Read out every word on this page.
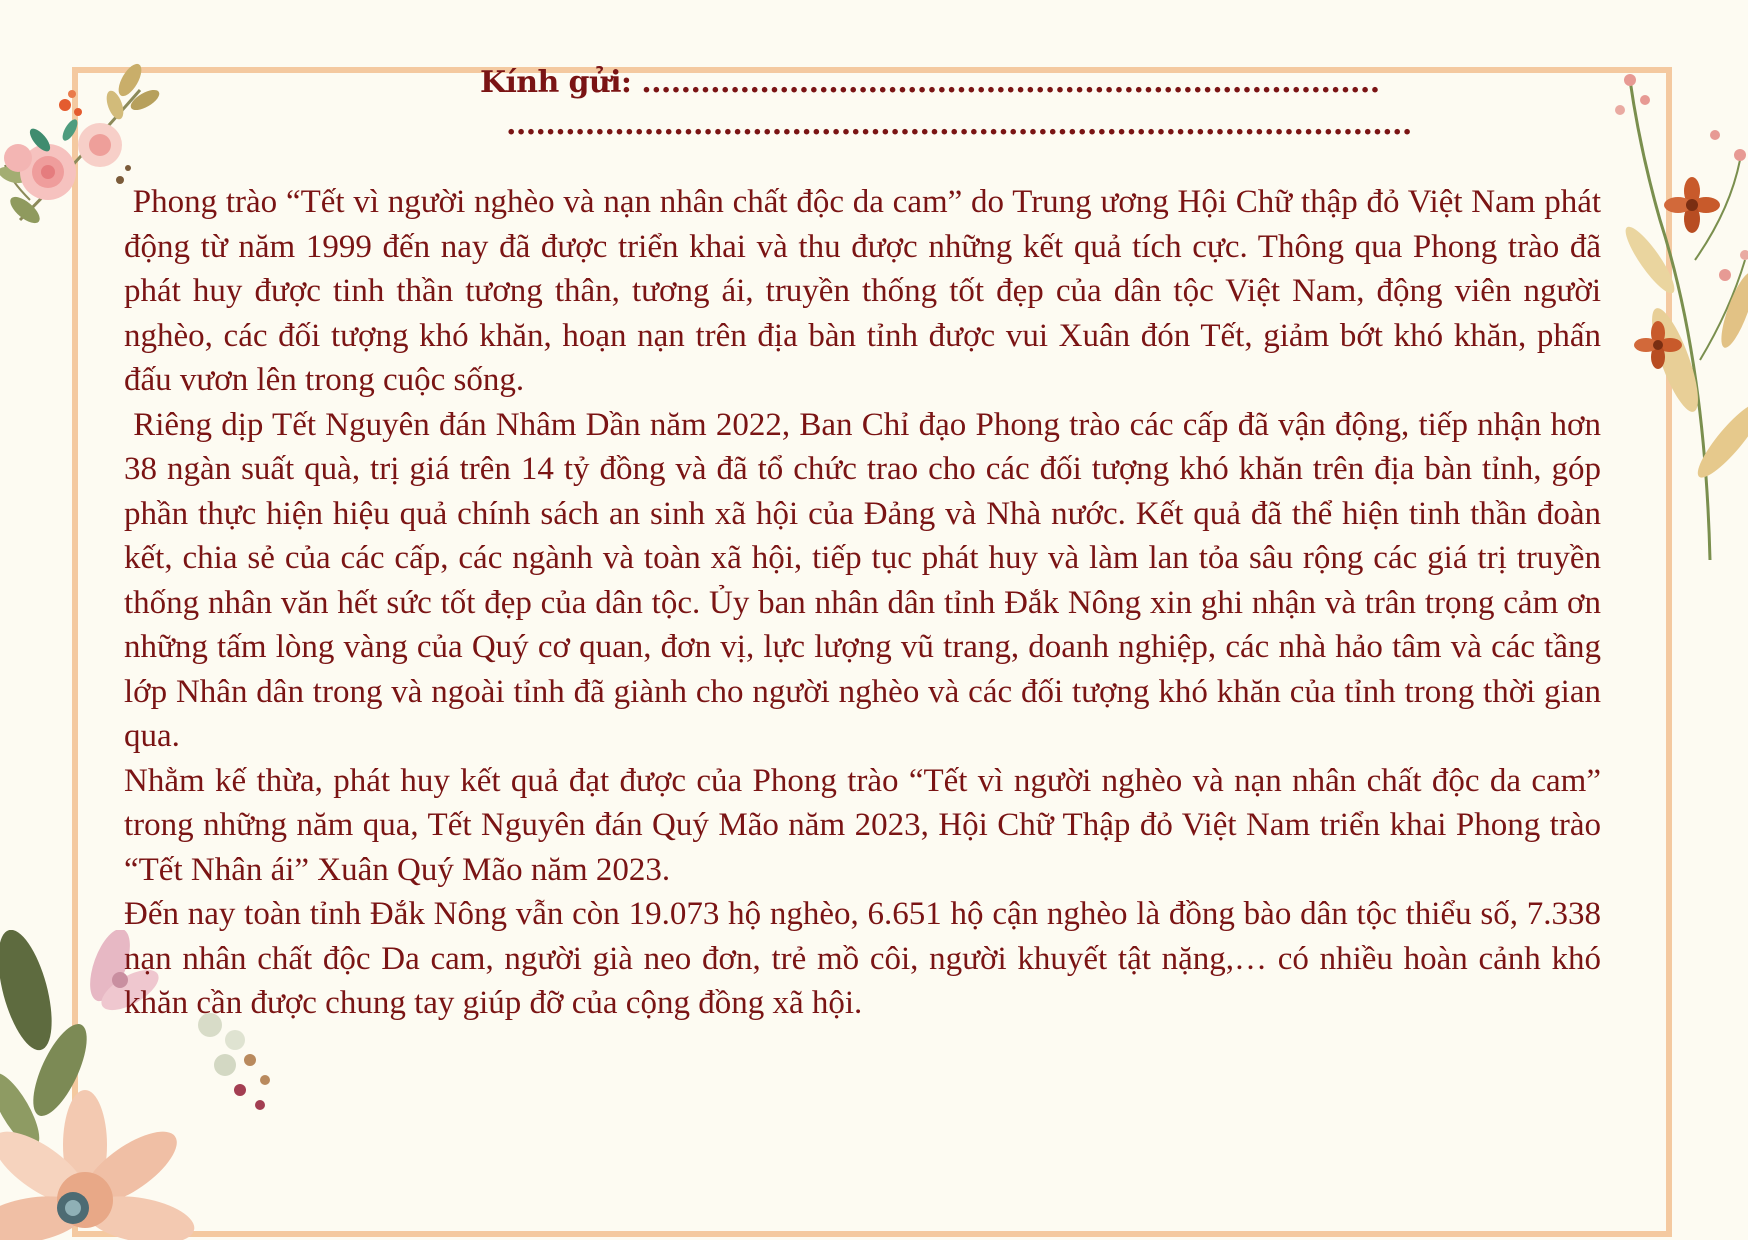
Kính gửi: ...........................................................................
............................................................................................

Phong trào “Tết vì người nghèo và nạn nhân chất độc da cam” do Trung ương Hội Chữ thập đỏ Việt Nam phát động từ năm 1999 đến nay đã được triển khai và thu được những kết quả tích cực. Thông qua Phong trào đã phát huy được tinh thần tương thân, tương ái, truyền thống tốt đẹp của dân tộc Việt Nam, động viên người nghèo, các đối tượng khó khăn, hoạn nạn trên địa bàn tỉnh được vui Xuân đón Tết, giảm bớt khó khăn, phấn đấu vươn lên trong cuộc sống.

Riêng dịp Tết Nguyên đán Nhâm Dần năm 2022, Ban Chỉ đạo Phong trào các cấp đã vận động, tiếp nhận hơn 38 ngàn suất quà, trị giá trên 14 tỷ đồng và đã tổ chức trao cho các đối tượng khó khăn trên địa bàn tỉnh, góp phần thực hiện hiệu quả chính sách an sinh xã hội của Đảng và Nhà nước. Kết quả đã thể hiện tinh thần đoàn kết, chia sẻ của các cấp, các ngành và toàn xã hội, tiếp tục phát huy và làm lan tỏa sâu rộng các giá trị truyền thống nhân văn hết sức tốt đẹp của dân tộc. Ủy ban nhân dân tỉnh Đắk Nông xin ghi nhận và trân trọng cảm ơn những tấm lòng vàng của Quý cơ quan, đơn vị, lực lượng vũ trang, doanh nghiệp, các nhà hảo tâm và các tầng lớp Nhân dân trong và ngoài tỉnh đã giành cho người nghèo và các đối tượng khó khăn của tỉnh trong thời gian qua.

Nhằm kế thừa, phát huy kết quả đạt được của Phong trào “Tết vì người nghèo và nạn nhân chất độc da cam” trong những năm qua, Tết Nguyên đán Quý Mão năm 2023, Hội Chữ Thập đỏ Việt Nam triển khai Phong trào “Tết Nhân ái” Xuân Quý Mão năm 2023.

Đến nay toàn tỉnh Đắk Nông vẫn còn 19.073 hộ nghèo, 6.651 hộ cận nghèo là đồng bào dân tộc thiểu số, 7.338 nạn nhân chất độc Da cam, người già neo đơn, trẻ mồ côi, người khuyết tật nặng,… có nhiều hoàn cảnh khó khăn cần được chung tay giúp đỡ của cộng đồng xã hội.
